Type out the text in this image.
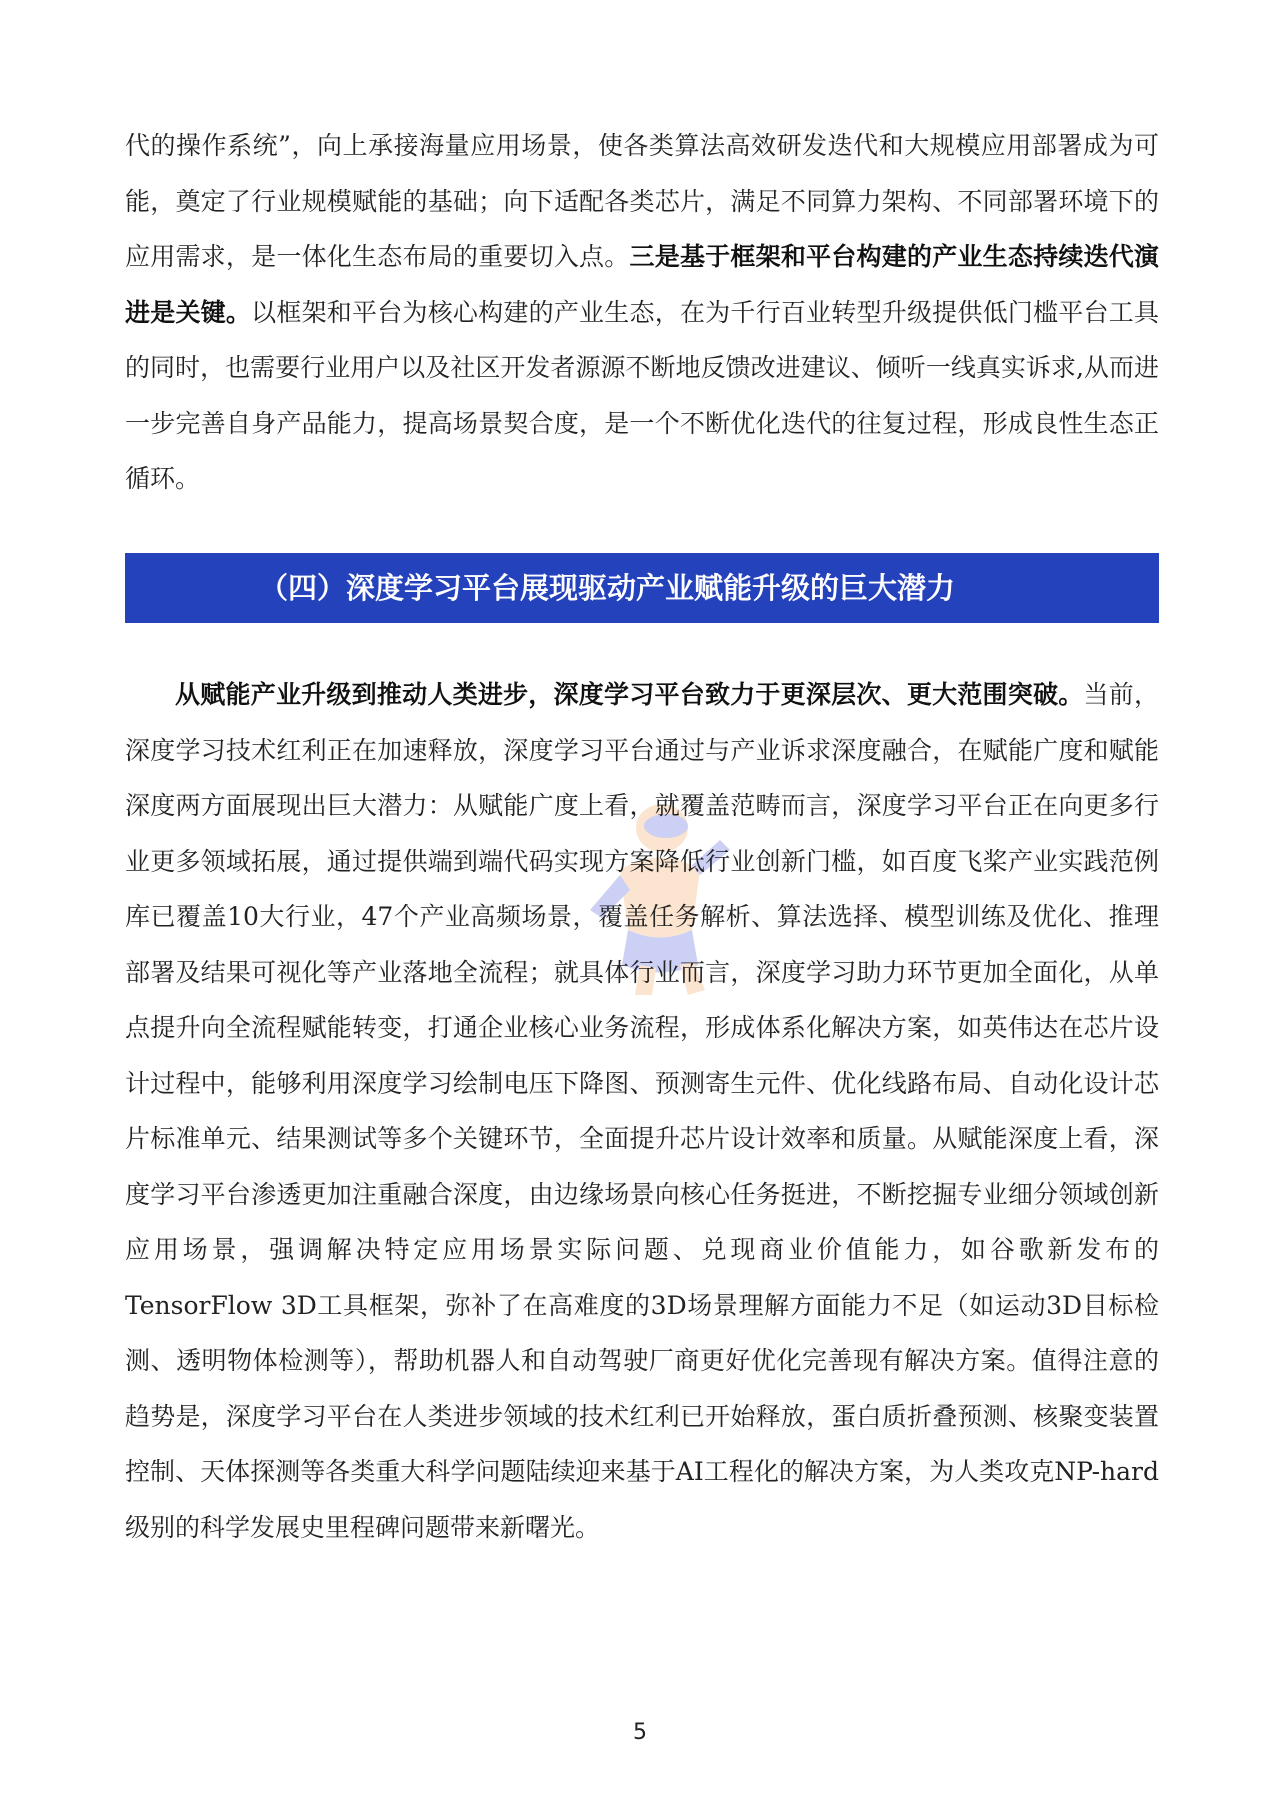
代的操作系统”，向上承接海量应用场景，使各类算法高效研发迭代和大规模应用部署成为可能，奠定了行业规模赋能的基础；向下适配各类芯片，满足不同算力架构、不同部署环境下的应用需求，是一体化生态布局的重要切入点。三是基于框架和平台构建的产业生态持续迭代演进是关键。以框架和平台为核心构建的产业生态，在为千行百业转型升级提供低门槛平台工具的同时，也需要行业用户以及社区开发者源源不断地反馈改进建议、倾听一线真实诉求,从而进一步完善自身产品能力，提高场景契合度，是一个不断优化迭代的往复过程，形成良性生态正循环。

（四）深度学习平台展现驱动产业赋能升级的巨大潜力

从赋能产业升级到推动人类进步，深度学习平台致力于更深层次、更大范围突破。当前，深度学习技术红利正在加速释放，深度学习平台通过与产业诉求深度融合，在赋能广度和赋能深度两方面展现出巨大潜力：从赋能广度上看，就覆盖范畴而言，深度学习平台正在向更多行业更多领域拓展，通过提供端到端代码实现方案降低行业创新门槛，如百度飞桨产业实践范例库已覆盖10大行业，47个产业高频场景，覆盖任务解析、算法选择、模型训练及优化、推理部署及结果可视化等产业落地全流程；就具体行业而言，深度学习助力环节更加全面化，从单点提升向全流程赋能转变，打通企业核心业务流程，形成体系化解决方案，如英伟达在芯片设计过程中，能够利用深度学习绘制电压下降图、预测寄生元件、优化线路布局、自动化设计芯片标准单元、结果测试等多个关键环节，全面提升芯片设计效率和质量。从赋能深度上看，深度学习平台渗透更加注重融合深度，由边缘场景向核心任务挺进，不断挖掘专业细分领域创新应用场景，强调解决特定应用场景实际问题、兑现商业价值能力，如谷歌新发布的TensorFlow 3D工具框架，弥补了在高难度的3D场景理解方面能力不足（如运动3D目标检测、透明物体检测等），帮助机器人和自动驾驶厂商更好优化完善现有解决方案。值得注意的趋势是，深度学习平台在人类进步领域的技术红利已开始释放，蛋白质折叠预测、核聚变装置控制、天体探测等各类重大科学问题陆续迎来基于AI工程化的解决方案，为人类攻克NP-hard级别的科学发展史里程碑问题带来新曙光。

5
